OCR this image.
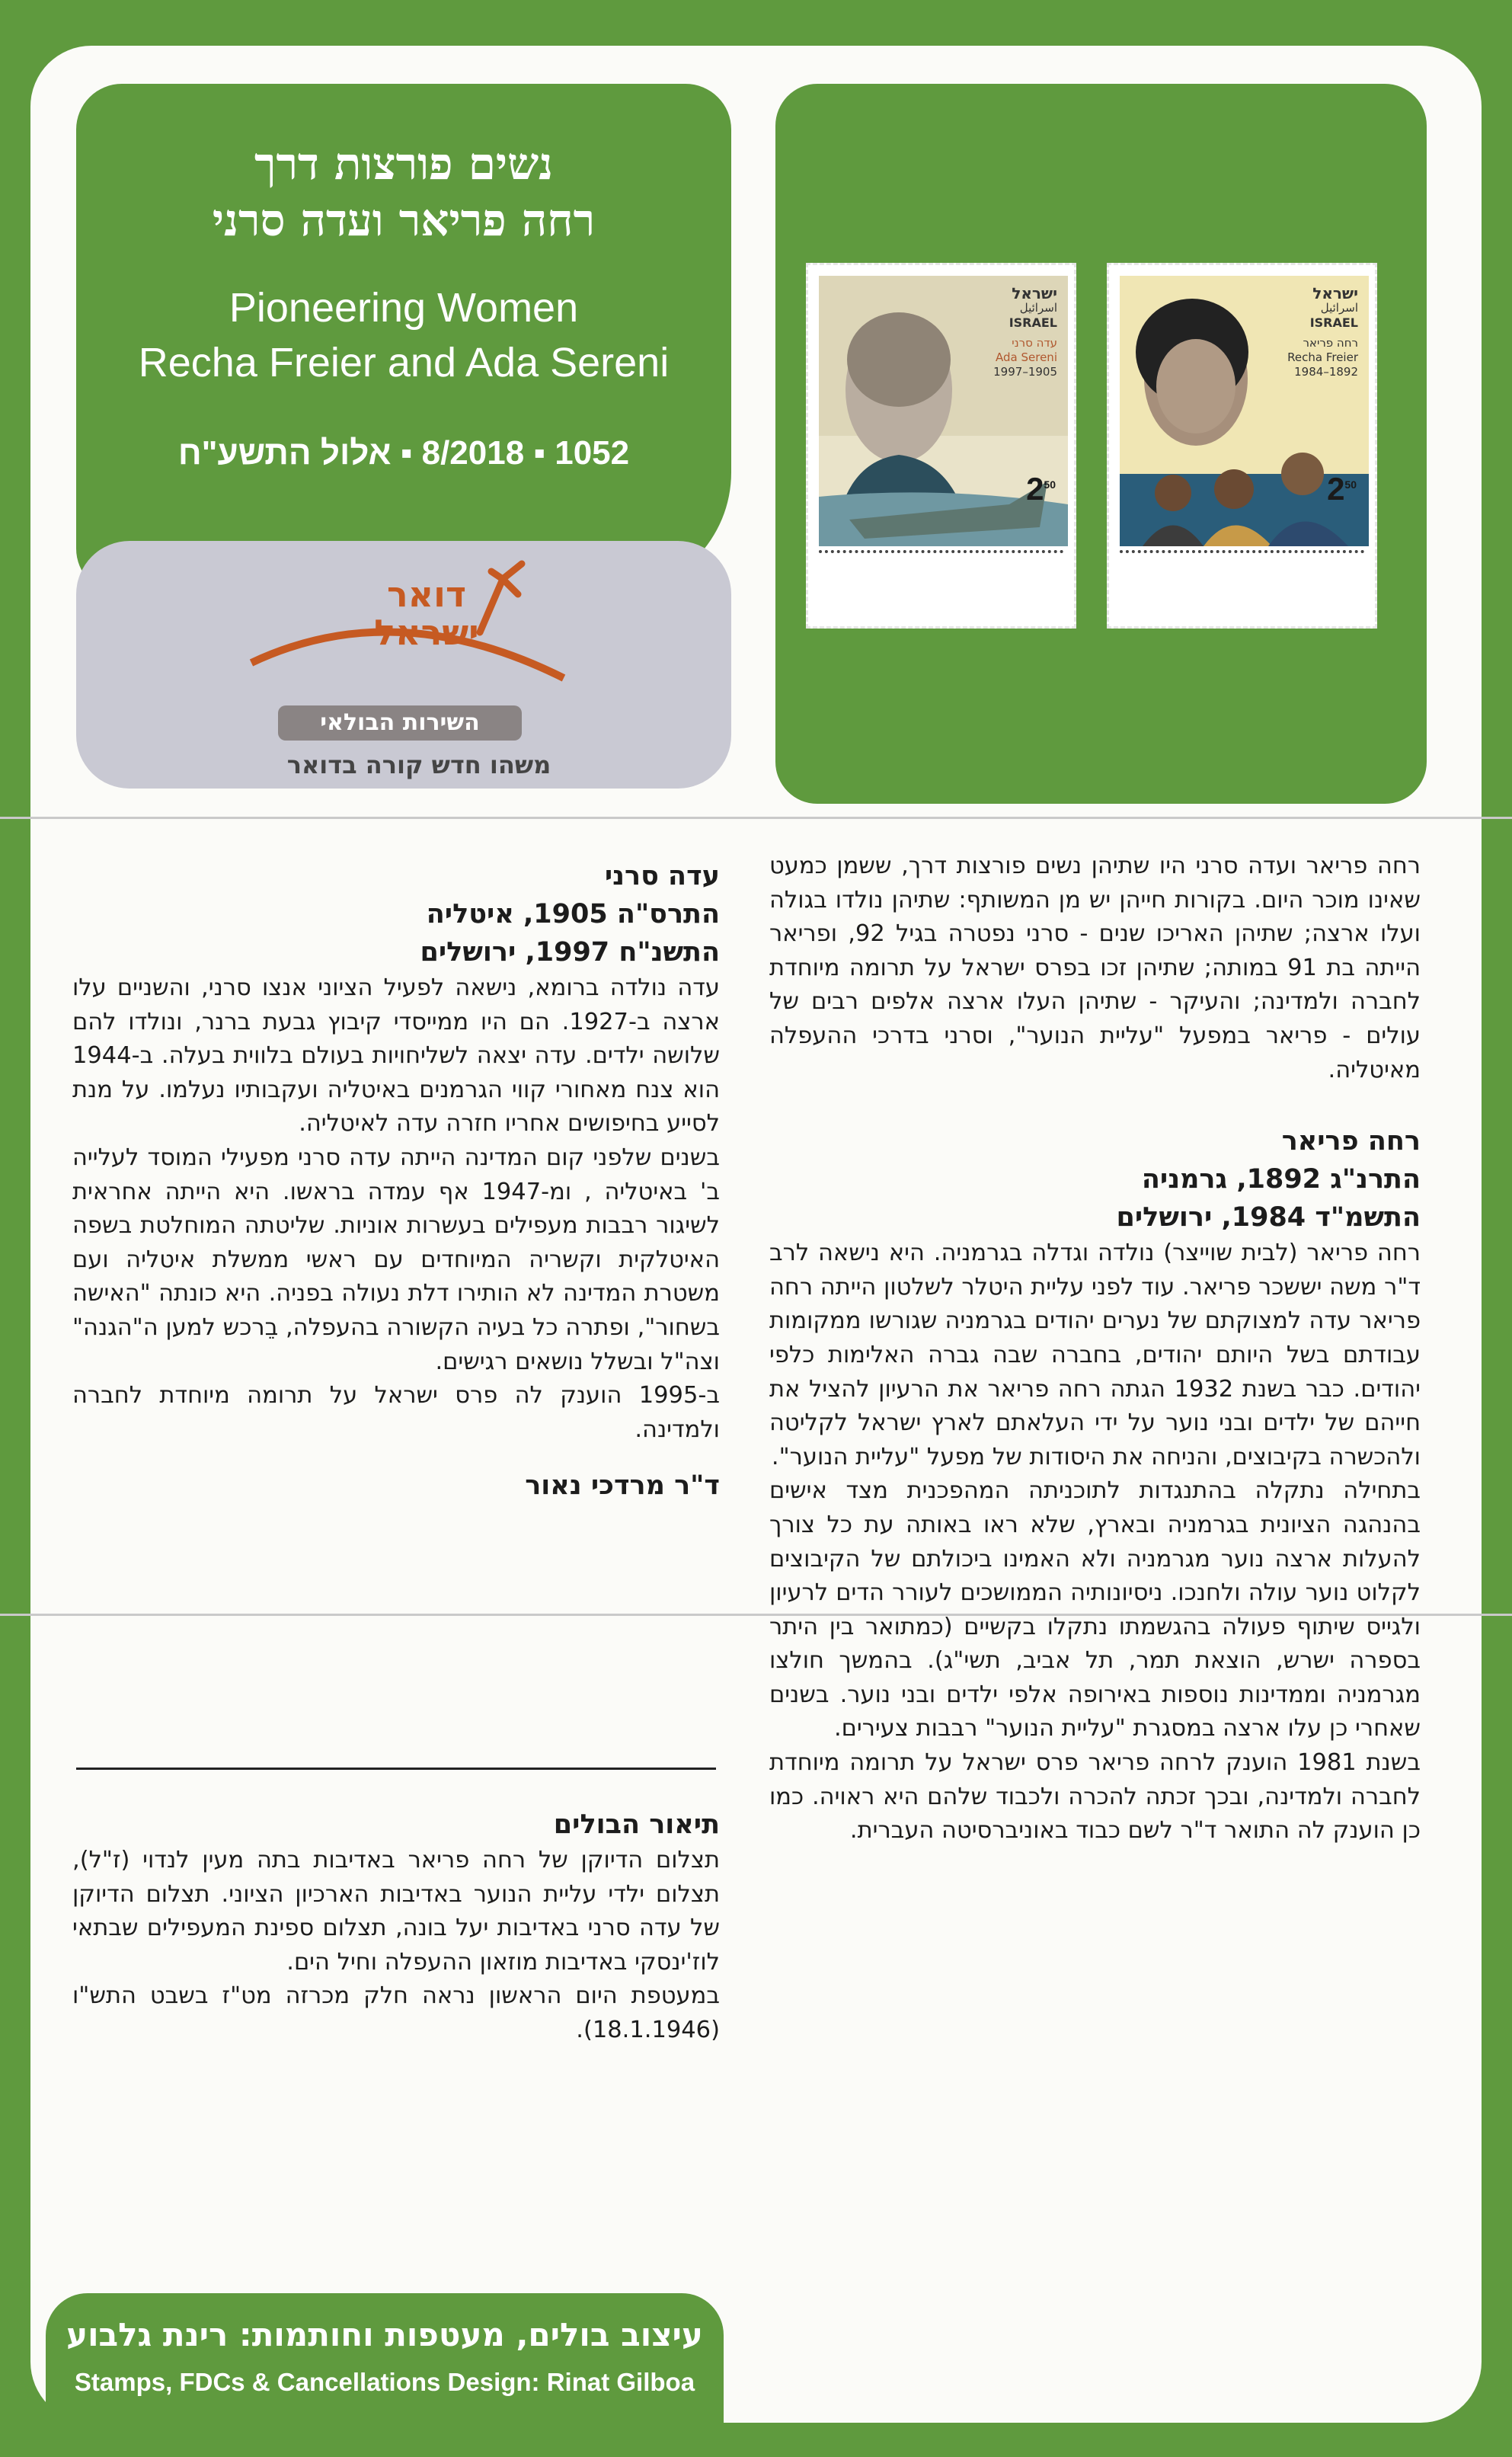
נשים פורצות דרך
רחה פריאר ועדה סרני
Pioneering Women
Recha Freier and Ada Sereni
1052 ▪ 8/2018 ▪ אלול התשע"ח
ישראל
اسرائيل
ISRAEL
עדה סרני
Ada Sereni
1905–1997
$2^{50}$
ישראל
اسرائيل
ISRAEL
רחה פריאר
Recha Freier
1892–1984
$2^{50}$
דואר
ישראל
השירות הבולאי
משהו חדש קורה בדואר

רחה פריאר ועדה סרני היו שתיהן נשים פורצות דרך, ששמן כמעט שאינו מוכר היום. בקורות חייהן יש מן המשותף: שתיהן נולדו בגולה ועלו ארצה; שתיהן האריכו שנים - סרני נפטרה בגיל 92, ופריאר הייתה בת 91 במותה; שתיהן זכו בפרס ישראל על תרומה מיוחדת לחברה ולמדינה; והעיקר - שתיהן העלו ארצה אלפים רבים של עולים - פריאר במפעל "עליית הנוער", וסרני בדרכי ההעפלה מאיטליה.

רחה פריאר
התרנ"ג 1892, גרמניה
התשמ"ד 1984, ירושלים

רחה פריאר (לבית שוייצר) נולדה וגדלה בגרמניה. היא נישאה לרב ד"ר משה יששכר פריאר. עוד לפני עליית היטלר לשלטון הייתה רחה פריאר עדה למצוקתם של נערים יהודים בגרמניה שגורשו ממקומות עבודתם בשל היותם יהודים, בחברה שבה גברה האלימות כלפי יהודים. כבר בשנת 1932 הגתה רחה פריאר את הרעיון להציל את חייהם של ילדים ובני נוער על ידי העלאתם לארץ ישראל לקליטה ולהכשרה בקיבוצים, והניחה את היסודות של מפעל "עליית הנוער".

בתחילה נתקלה בהתנגדות לתוכניתה המהפכנית מצד אישים בהנהגה הציונית בגרמניה ובארץ, שלא ראו באותה עת כל צורך להעלות ארצה נוער מגרמניה ולא האמינו ביכולתם של הקיבוצים לקלוט נוער עולה ולחנכו. ניסיונותיה הממושכים לעורר הדים לרעיון ולגייס שיתוף פעולה בהגשמתו נתקלו בקשיים (כמתואר בין היתר בספרה ישרש, הוצאת תמר, תל אביב, תשי"ג). בהמשך חולצו מגרמניה וממדינות נוספות באירופה אלפי ילדים ובני נוער. בשנים שאחרי כן עלו ארצה במסגרת "עליית הנוער" רבבות צעירים.

בשנת 1981 הוענק לרחה פריאר פרס ישראל על תרומה מיוחדת לחברה ולמדינה, ובכך זכתה להכרה ולכבוד שלהם היא ראויה. כמו כן הוענק לה התואר ד"ר לשם כבוד באוניברסיטה העברית.

עדה סרני
התרס"ה 1905, איטליה
התשנ"ח 1997, ירושלים

עדה נולדה ברומא, נישאה לפעיל הציוני אנצו סרני, והשניים עלו ארצה ב-1927. הם היו ממייסדי קיבוץ גבעת ברנר, ונולדו להם שלושה ילדים. עדה יצאה לשליחויות בעולם בלווית בעלה. ב-1944 הוא צנח מאחורי קווי הגרמנים באיטליה ועקבותיו נעלמו. על מנת לסייע בחיפושים אחריו חזרה עדה לאיטליה.

בשנים שלפני קום המדינה הייתה עדה סרני מפעילי המוסד לעלייה ב' באיטליה , ומ-1947 אף עמדה בראשו. היא הייתה אחראית לשיגור רבבות מעפילים בעשרות אוניות. שליטתה המוחלטת בשפה האיטלקית וקשריה המיוחדים עם ראשי ממשלת איטליה ועם משטרת המדינה לא הותירו דלת נעולה בפניה. היא כונתה "האישה בשחור", ופתרה כל בעיה הקשורה בהעפלה, בֵרכש למען ה"הגנה" וצה"ל ובשלל נושאים רגישים.

ב-1995 הוענק לה פרס ישראל על תרומה מיוחדת לחברה ולמדינה.

ד"ר מרדכי נאור
תיאור הבולים

תצלום הדיוקן של רחה פריאר באדיבות בתה מעין לנדוי (ז"ל), תצלום ילדי עליית הנוער באדיבות הארכיון הציוני. תצלום הדיוקן של עדה סרני באדיבות יעל בונה, תצלום ספינת המעפילים שבתאי לוז'ינסקי באדיבות מוזאון ההעפלה וחיל הים.

במעטפת היום הראשון נראה חלק מכרזה מט"ז בשבט התש"ו (18.1.1946).

עיצוב בולים, מעטפות וחותמות: רינת גלבוע
Stamps, FDCs & Cancellations Design: Rinat Gilboa
